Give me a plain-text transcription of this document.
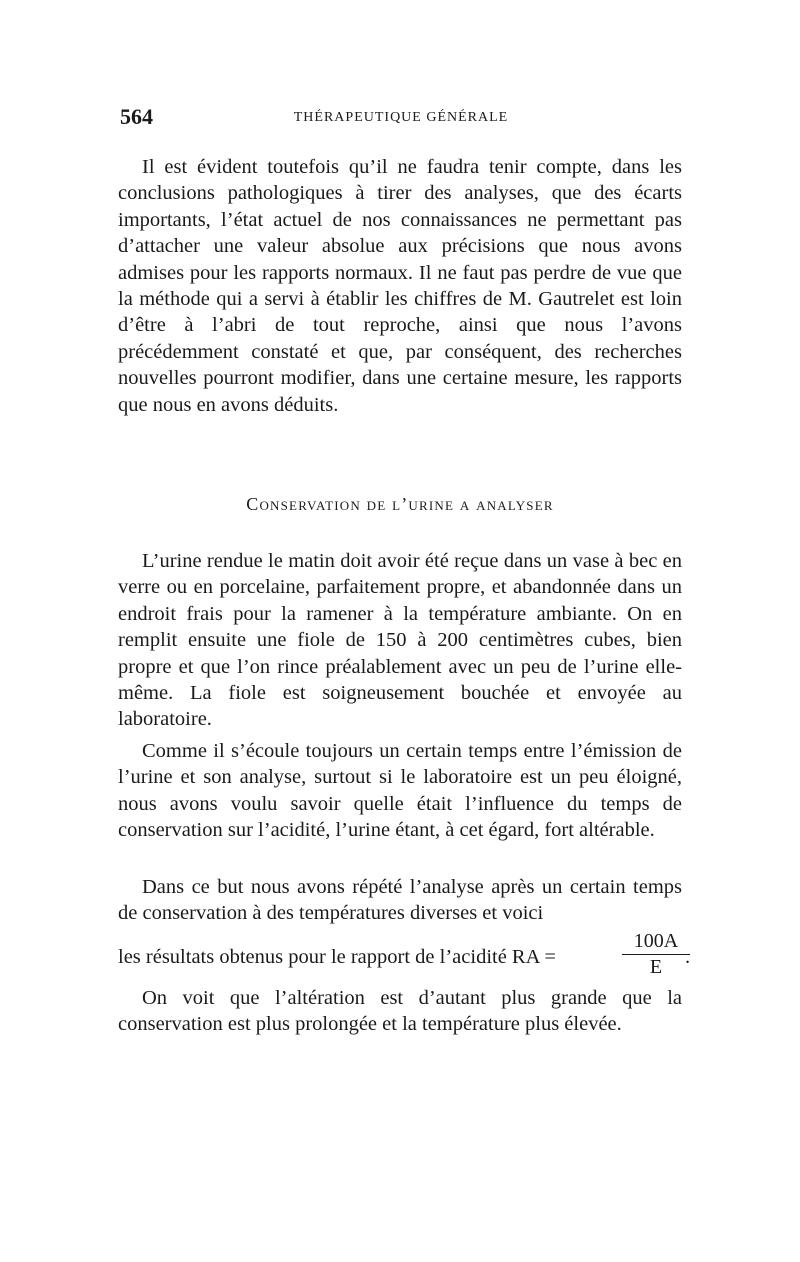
564	THÉRAPEUTIQUE GÉNÉRALE

Il est évident toutefois qu’il ne faudra tenir compte, dans les conclusions pathologiques à tirer des analyses, que des écarts importants, l’état actuel de nos connaissances ne permettant pas d’attacher une valeur absolue aux précisions que nous avons admises pour les rapports normaux. Il ne faut pas perdre de vue que la méthode qui a servi à établir les chiffres de M. Gautrelet est loin d’être à l’abri de tout reproche, ainsi que nous l’avons précédemment constaté et que, par conséquent, des recherches nouvelles pourront modifier, dans une certaine mesure, les rapports que nous en avons déduits.

Conservation de l’urine a analyser

L’urine rendue le matin doit avoir été reçue dans un vase à bec en verre ou en porcelaine, parfaitement propre, et abandonnée dans un endroit frais pour la ramener à la température ambiante. On en remplit ensuite une fiole de 150 à 200 centimètres cubes, bien propre et que l’on rince préalablement avec un peu de l’urine elle-même. La fiole est soigneusement bouchée et envoyée au laboratoire.

Comme il s’écoule toujours un certain temps entre l’émission de l’urine et son analyse, surtout si le laboratoire est un peu éloigné, nous avons voulu savoir quelle était l’influence du temps de conservation sur l’acidité, l’urine étant, à cet égard, fort altérable.

Dans ce but nous avons répété l’analyse après un certain temps de conservation à des températures diverses et voici

les résultats obtenus pour le rapport de l’acidité RA =	$\frac{100A}{E}$
.

On voit que l’altération est d’autant plus grande que la conservation est plus prolongée et la température plus élevée.
